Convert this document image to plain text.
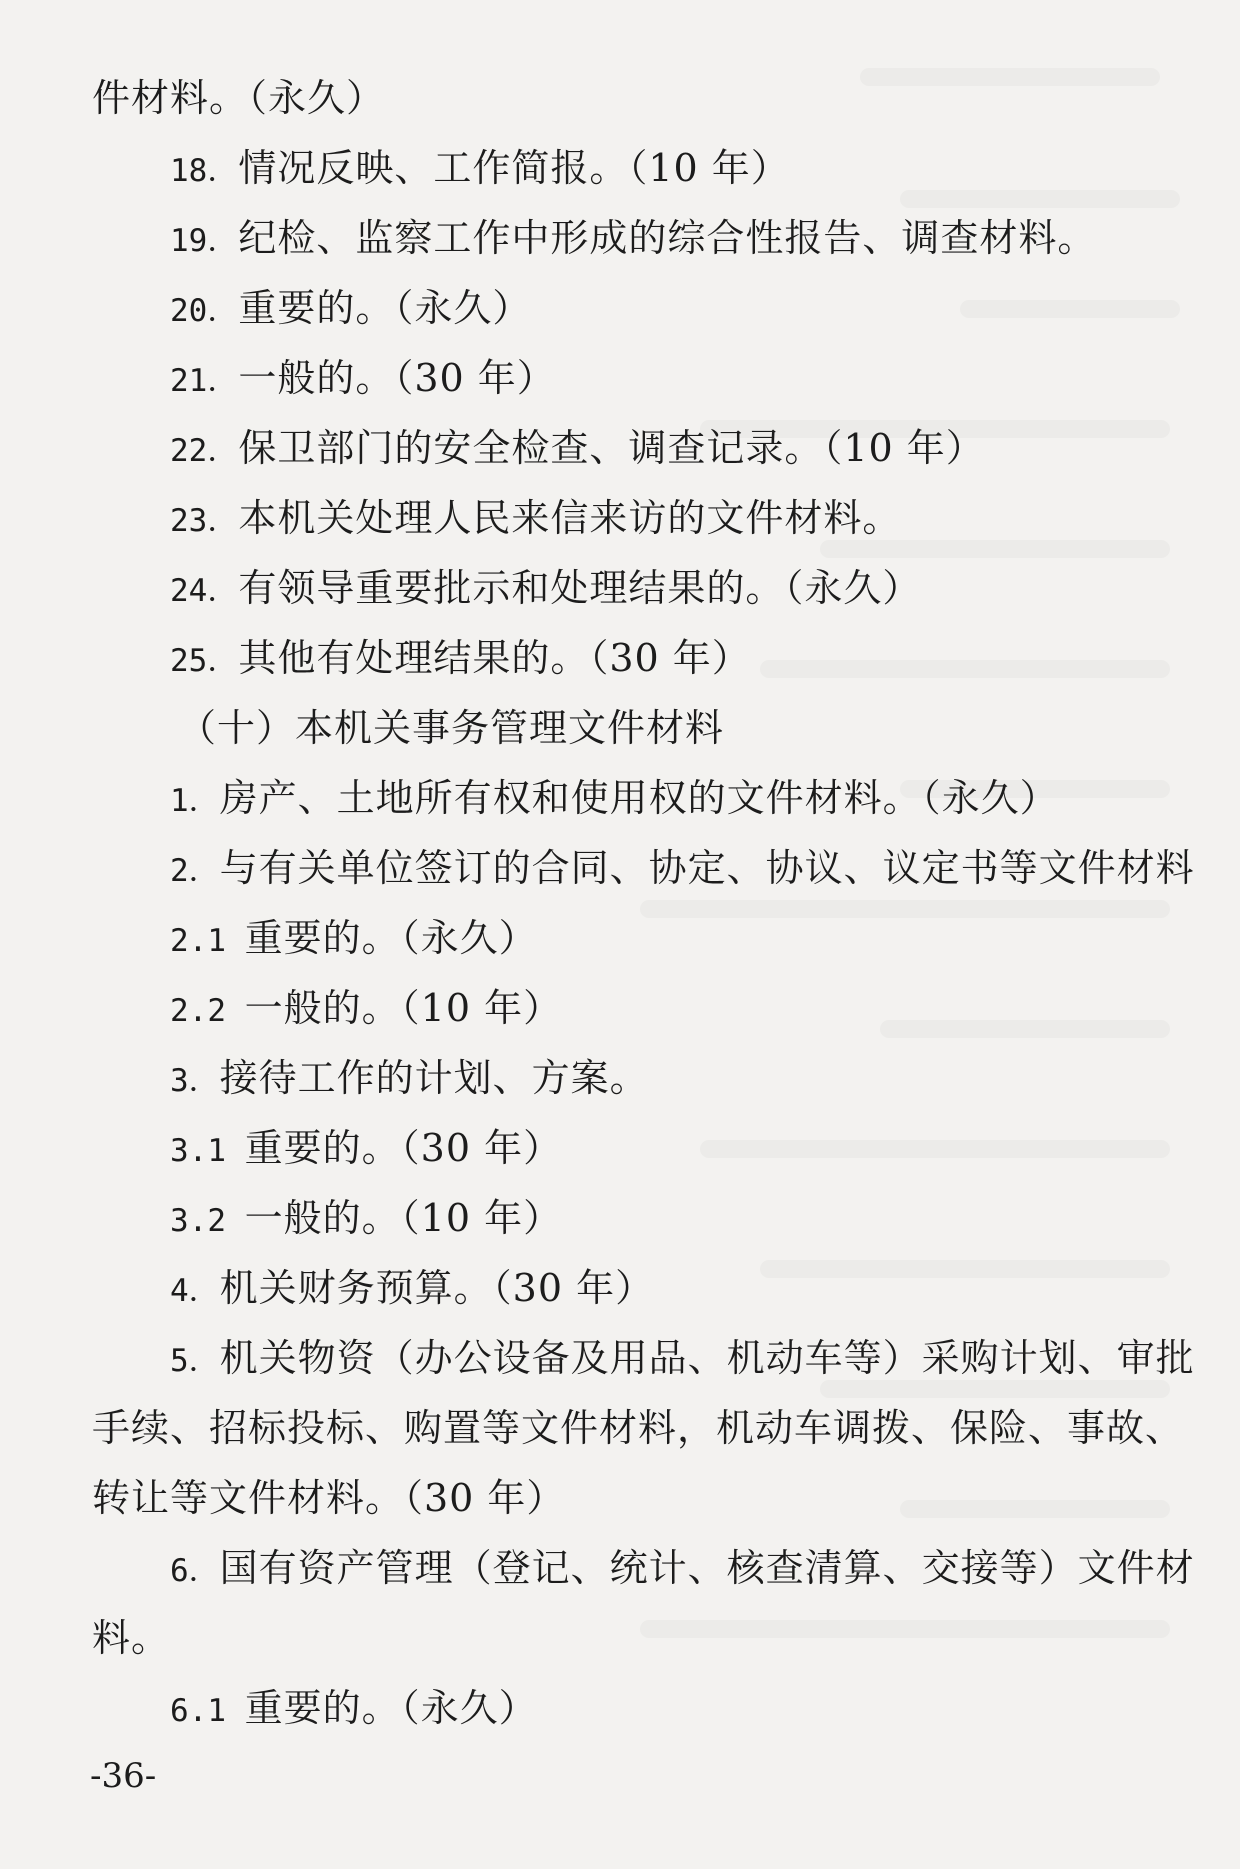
件材料。（永久）
18．情况反映、工作简报。（10 年）
19．纪检、监察工作中形成的综合性报告、调查材料。
20．重要的。（永久）
21．一般的。（30 年）
22．保卫部门的安全检查、调查记录。（10 年）
23．本机关处理人民来信来访的文件材料。
24．有领导重要批示和处理结果的。（永久）
25．其他有处理结果的。（30 年）
（十）本机关事务管理文件材料
1．房产、土地所有权和使用权的文件材料。（永久）
2．与有关单位签订的合同、协定、协议、议定书等文件材料
2.1 重要的。（永久）
2.2 一般的。（10 年）
3．接待工作的计划、方案。
3.1 重要的。（30 年）
3.2 一般的。（10 年）
4．机关财务预算。（30 年）
5．机关物资（办公设备及用品、机动车等）采购计划、审批
手续、招标投标、购置等文件材料，机动车调拨、保险、事故、
转让等文件材料。（30 年）
6．国有资产管理（登记、统计、核查清算、交接等）文件材
料。
6.1 重要的。（永久）
-36-
